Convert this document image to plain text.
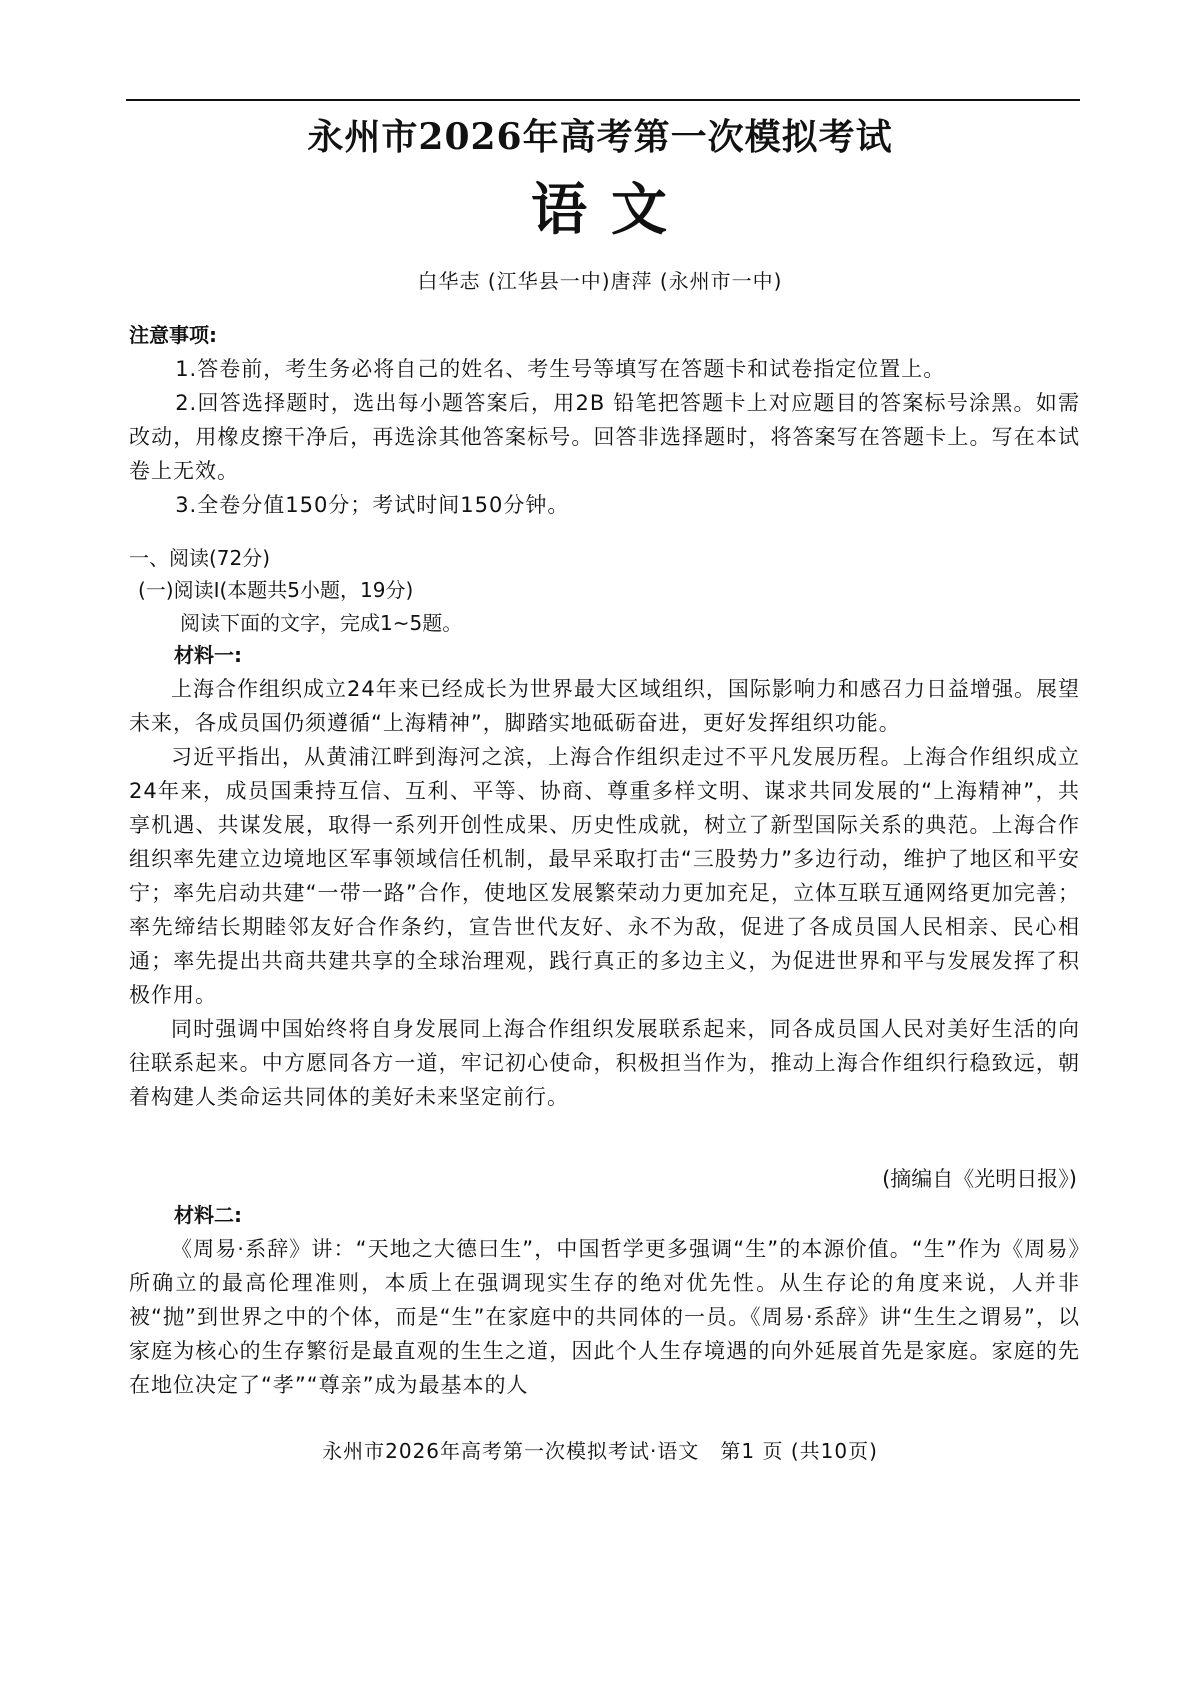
永州市2026年高考第一次模拟考试
语文
白华志 (江华县一中)唐萍 (永州市一中)
注意事项:

1.答卷前，考生务必将自己的姓名、考生号等填写在答题卡和试卷指定位置上。

2.回答选择题时，选出每小题答案后，用2B 铅笔把答题卡上对应题目的答案标号涂黑。如需改动，用橡皮擦干净后，再选涂其他答案标号。回答非选择题时，将答案写在答题卡上。写在本试卷上无效。

3.全卷分值150分；考试时间150分钟。

一、阅读(72分)
(一)阅读Ⅰ(本题共5小题，19分)
阅读下面的文字，完成1~5题。
材料一:

上海合作组织成立24年来已经成长为世界最大区域组织，国际影响力和感召力日益增强。展望未来，各成员国仍须遵循“上海精神”，脚踏实地砥砺奋进，更好发挥组织功能。

习近平指出，从黄浦江畔到海河之滨，上海合作组织走过不平凡发展历程。上海合作组织成立24年来，成员国秉持互信、互利、平等、协商、尊重多样文明、谋求共同发展的“上海精神”，共享机遇、共谋发展，取得一系列开创性成果、历史性成就，树立了新型国际关系的典范。上海合作组织率先建立边境地区军事领域信任机制，最早采取打击“三股势力”多边行动，维护了地区和平安宁；率先启动共建“一带一路”合作，使地区发展繁荣动力更加充足，立体互联互通网络更加完善；率先缔结长期睦邻友好合作条约，宣告世代友好、永不为敌，促进了各成员国人民相亲、民心相通；率先提出共商共建共享的全球治理观，践行真正的多边主义，为促进世界和平与发展发挥了积极作用。

同时强调中国始终将自身发展同上海合作组织发展联系起来，同各成员国人民对美好生活的向往联系起来。中方愿同各方一道，牢记初心使命，积极担当作为，推动上海合作组织行稳致远，朝着构建人类命运共同体的美好未来坚定前行。

(摘编自《光明日报》)
材料二:

《周易·系辞》讲：“天地之大德曰生”，中国哲学更多强调“生”的本源价值。“生”作为《周易》所确立的最高伦理准则，本质上在强调现实生存的绝对优先性。从生存论的角度来说，人并非被“抛”到世界之中的个体，而是“生”在家庭中的共同体的一员。《周易·系辞》讲“生生之谓易”，以家庭为核心的生存繁衍是最直观的生生之道，因此个人生存境遇的向外延展首先是家庭。家庭的先在地位决定了“孝”“尊亲”成为最基本的人

永州市2026年高考第一次模拟考试·语文　第1 页 (共10页)
